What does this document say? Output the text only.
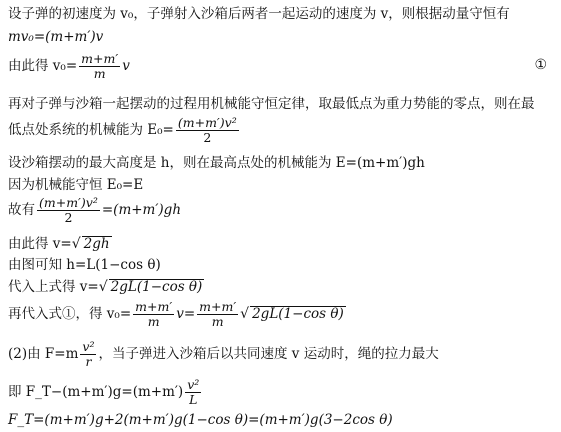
设子弹的初速度为 v₀，子弹射入沙箱后两者一起运动的速度为 v，则根据动量守恒有
mv₀=(m+m′)v
由此得 $v_0= \frac{m+m'}{m}$ v	①
再对子弹与沙箱一起摆动的过程用机械能守恒定律，取最低点为重力势能的零点，则在最
低点处系统的机械能为 $E_0= \frac{\text{(m+m′)v²}}{2}$
设沙箱摆动的最大高度是 h，则在最高点处的机械能为 E=(m+m′)gh
因为机械能守恒 E₀=E
故有 $\frac{\text{(m+m′)v²}}{2} =(m+m')gh$
由此得 v=√ 2gh
由图可知 h=L(1−cos θ)
代入上式得 v=√ 2gL(1−cos θ)
再代入式①，得 $v_0= \frac{m+m'}{m} v= \frac{m+m'}{m}$ √ 2gL(1−cos θ)
(2)由 $F=m \frac{\text{v²}}{r}$ ，当子弹进入沙箱后以共同速度 v 运动时，绳的拉力最大
即 F_T−(m+m′)g=(m+m′) $\frac{\text{v²}}{L}$
F_T=(m+m′)g+2(m+m′)g(1−cos θ)=(m+m′)g(3−2cos θ)
